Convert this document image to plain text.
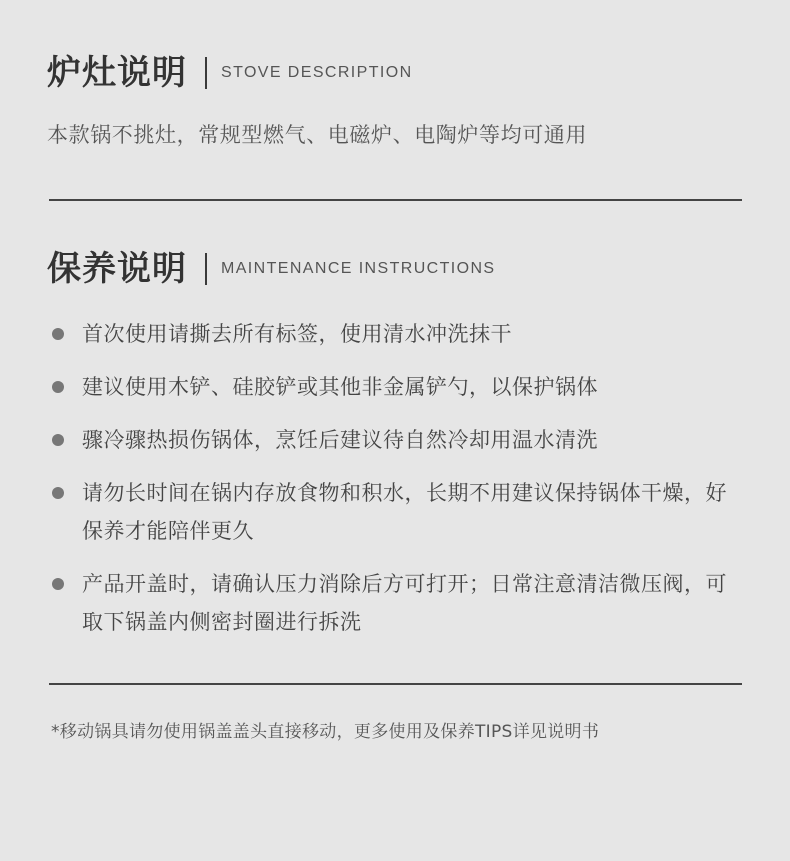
炉灶说明 STOVE DESCRIPTION
本款锅不挑灶，常规型燃气、电磁炉、电陶炉等均可通用
保养说明 MAINTENANCE INSTRUCTIONS
首次使用请撕去所有标签，使用清水冲洗抹干
建议使用木铲、硅胶铲或其他非金属铲勺，以保护锅体
骤冷骤热损伤锅体，烹饪后建议待自然冷却用温水清洗
请勿长时间在锅内存放食物和积水，长期不用建议保持锅体干燥，好保养才能陪伴更久
产品开盖时，请确认压力消除后方可打开；日常注意清洁微压阀，可取下锅盖内侧密封圈进行拆洗
*移动锅具请勿使用锅盖盖头直接移动，更多使用及保养TIPS详见说明书
